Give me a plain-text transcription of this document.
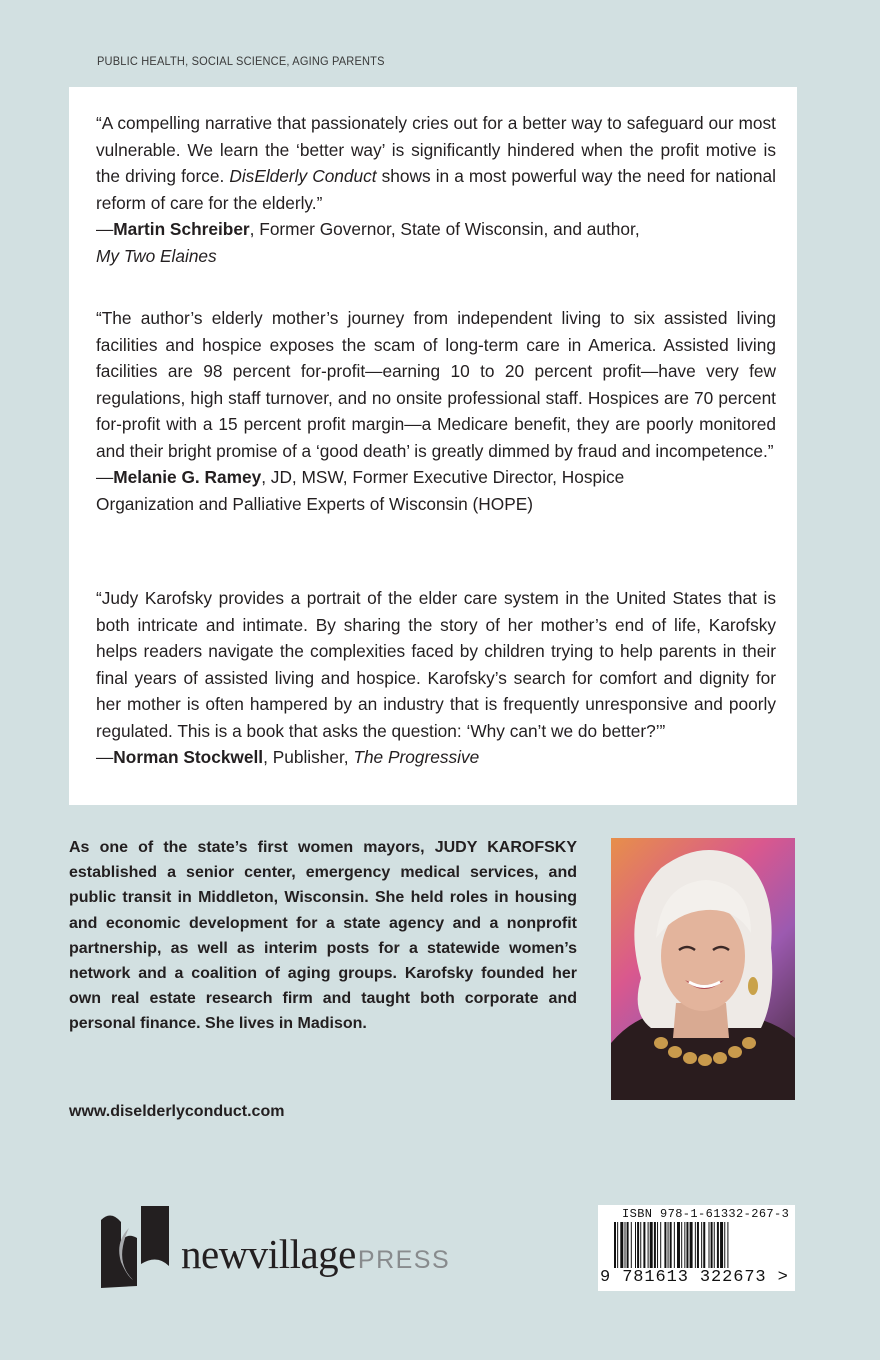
PUBLIC HEALTH, SOCIAL SCIENCE, AGING PARENTS
“A compelling narrative that passionately cries out for a better way to safeguard our most vulnerable. We learn the ‘better way’ is significantly hindered when the profit motive is the driving force. DisElderly Conduct shows in a most powerful way the need for national reform of care for the elderly.”
—Martin Schreiber, Former Governor, State of Wisconsin, and author,
My Two Elaines
“The author’s elderly mother’s journey from independent living to six assisted living facilities and hospice exposes the scam of long-term care in America. Assisted living facilities are 98 percent for-profit—earning 10 to 20 percent profit—have very few regulations, high staff turnover, and no onsite professional staff. Hospices are 70 percent for-profit with a 15 percent profit margin—a Medicare benefit, they are poorly monitored and their bright promise of a ‘good death’ is greatly dimmed by fraud and incompetence.”
—Melanie G. Ramey, JD, MSW, Former Executive Director, Hospice
Organization and Palliative Experts of Wisconsin (HOPE)
“Judy Karofsky provides a portrait of the elder care system in the United States that is both intricate and intimate. By sharing the story of her mother’s end of life, Karofsky helps readers navigate the complexities faced by children trying to help parents in their final years of assisted living and hospice. Karofsky’s search for comfort and dignity for her mother is often hampered by an industry that is frequently unresponsive and poorly regulated. This is a book that asks the question: ‘Why can’t we do better?’”
—Norman Stockwell, Publisher, The Progressive
As one of the state’s first women mayors, JUDY KAROFSKY established a senior center, emergency medical services, and public transit in Middleton, Wisconsin. She held roles in housing and economic development for a state agency and a nonprofit partnership, as well as interim posts for a statewide women’s network and a coalition of aging groups. Karofsky founded her own real estate research firm and taught both corporate and personal finance. She lives in Madison.
www.diselderlyconduct.com
newvillagePRESS
ISBN 978-1-61332-267-3
9 781613 322673 >
